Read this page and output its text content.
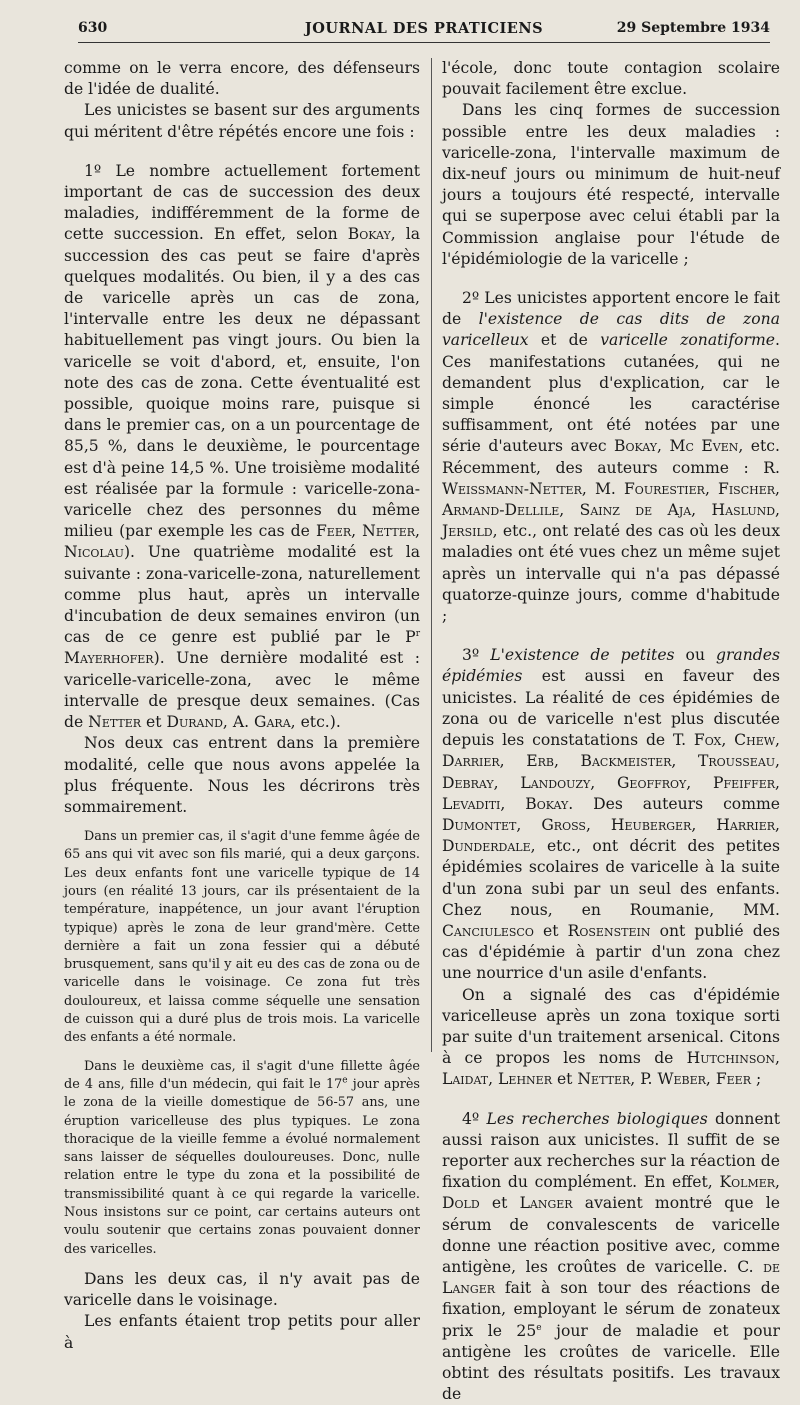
630	JOURNAL DES PRATICIENS	29 Septembre 1934

comme on le verra encore, des défenseurs de l'idée de dualité.

Les unicistes se basent sur des arguments qui méritent d'être répétés encore une fois :

1º Le nombre actuellement fortement important de cas de succession des deux maladies, indifféremment de la forme de cette succession. En effet, selon Bokay, la succession des cas peut se faire d'après quelques modalités. Ou bien, il y a des cas de varicelle après un cas de zona, l'intervalle entre les deux ne dépassant habituellement pas vingt jours. Ou bien la varicelle se voit d'abord, et, ensuite, l'on note des cas de zona. Cette éventualité est possible, quoique moins rare, puisque si dans le premier cas, on a un pourcentage de 85,5 %, dans le deuxième, le pourcentage est d'à peine 14,5 %. Une troisième modalité est réalisée par la formule : varicelle-zona-varicelle chez des personnes du même milieu (par exemple les cas de Feer, Netter, Nicolau). Une quatrième modalité est la suivante : zona-varicelle-zona, naturellement comme plus haut, après un intervalle d'incubation de deux semaines environ (un cas de ce genre est publié par le $P^r$ Mayerhofer). Une dernière modalité est : varicelle-varicelle-zona, avec le même intervalle de presque deux semaines. (Cas de Netter et Durand, A. Gara, etc.).

Nos deux cas entrent dans la première modalité, celle que nous avons appelée la plus fréquente. Nous les décrirons très sommairement.

Dans un premier cas, il s'agit d'une femme âgée de 65 ans qui vit avec son fils marié, qui a deux garçons. Les deux enfants font une varicelle typique de 14 jours (en réalité 13 jours, car ils présentaient de la température, inappétence, un jour avant l'éruption typique) après le zona de leur grand'mère. Cette dernière a fait un zona fessier qui a débuté brusquement, sans qu'il y ait eu des cas de zona ou de varicelle dans le voisinage. Ce zona fut très douloureux, et laissa comme séquelle une sensation de cuisson qui a duré plus de trois mois. La varicelle des enfants a été normale.

Dans le deuxième cas, il s'agit d'une fillette âgée de 4 ans, fille d'un médecin, qui fait le 17e jour après le zona de la vieille domestique de 56-57 ans, une éruption varicelleuse des plus typiques. Le zona thoracique de la vieille femme a évolué normalement sans laisser de séquelles douloureuses. Donc, nulle relation entre le type du zona et la possibilité de transmissibilité quant à ce qui regarde la varicelle. Nous insistons sur ce point, car certains auteurs ont voulu soutenir que certains zonas pouvaient donner des varicelles.

Dans les deux cas, il n'y avait pas de varicelle dans le voisinage.

Les enfants étaient trop petits pour aller à

l'école, donc toute contagion scolaire pouvait facilement être exclue.

Dans les cinq formes de succession possible entre les deux maladies : varicelle-zona, l'intervalle maximum de dix-neuf jours ou minimum de huit-neuf jours a toujours été respecté, intervalle qui se superpose avec celui établi par la Commission anglaise pour l'étude de l'épidémiologie de la varicelle ;

2º Les unicistes apportent encore le fait de l'existence de cas dits de zona varicelleux et de varicelle zonatiforme. Ces manifestations cutanées, qui ne demandent plus d'explication, car le simple énoncé les caractérise suffisamment, ont été notées par une série d'auteurs avec Bokay, Mc Even, etc. Récemment, des auteurs comme : R. Weissmann-Netter, M. Fourestier, Fischer, Armand-Dellile, Sainz de Aja, Haslund, Jersild, etc., ont relaté des cas où les deux maladies ont été vues chez un même sujet après un intervalle qui n'a pas dépassé quatorze-quinze jours, comme d'habitude ;

3º L'existence de petites ou grandes épidémies est aussi en faveur des unicistes. La réalité de ces épidémies de zona ou de varicelle n'est plus discutée depuis les constatations de T. Fox, Chew, Darrier, Erb, Backmeister, Trousseau, Debray, Landouzy, Geoffroy, Pfeiffer, Levaditi, Bokay. Des auteurs comme Dumontet, Gross, Heuberger, Harrier, Dunderdale, etc., ont décrit des petites épidémies scolaires de varicelle à la suite d'un zona subi par un seul des enfants. Chez nous, en Roumanie, MM. Canciulesco et Rosenstein ont publié des cas d'épidémie à partir d'un zona chez une nourrice d'un asile d'enfants.

On a signalé des cas d'épidémie varicelleuse après un zona toxique sorti par suite d'un traitement arsenical. Citons à ce propos les noms de Hutchinson, Laidat, Lehner et Netter, P. Weber, Feer ;

4º Les recherches biologiques donnent aussi raison aux unicistes. Il suffit de se reporter aux recherches sur la réaction de fixation du complément. En effet, Kolmer, Dold et Langer avaient montré que le sérum de convalescents de varicelle donne une réaction positive avec, comme antigène, les croûtes de varicelle. C. de Langer fait à son tour des réactions de fixation, employant le sérum de zonateux prix le 25e jour de maladie et pour antigène les croûtes de varicelle. Elle obtint des résultats positifs. Les travaux de
